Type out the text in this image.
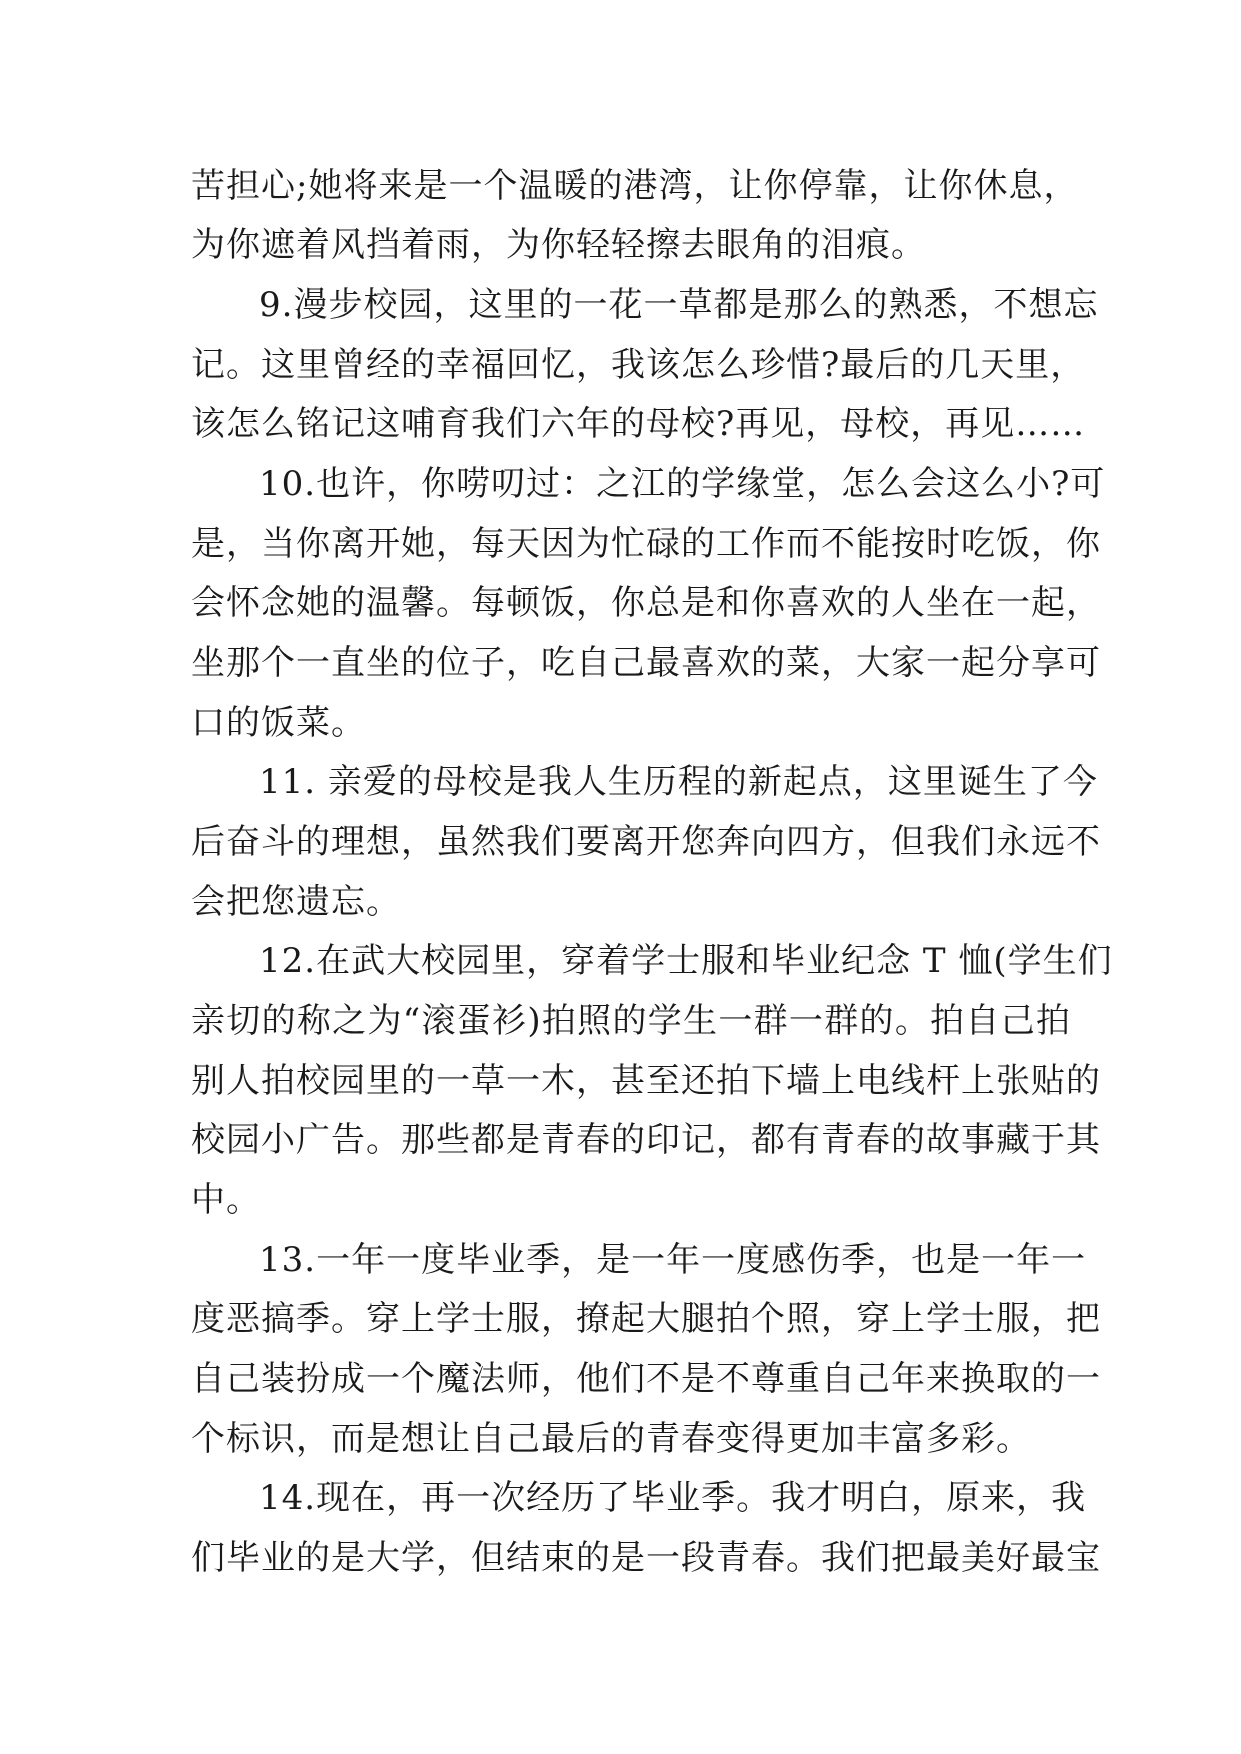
苦担心;她将来是一个温暖的港湾，让你停靠，让你休息，

为你遮着风挡着雨，为你轻轻擦去眼角的泪痕。

9.漫步校园，这里的一花一草都是那么的熟悉，不想忘

记。这里曾经的幸福回忆，我该怎么珍惜?最后的几天里，

该怎么铭记这哺育我们六年的母校?再见，母校，再见……

10.也许，你唠叨过：之江的学缘堂，怎么会这么小?可

是，当你离开她，每天因为忙碌的工作而不能按时吃饭，你

会怀念她的温馨。每顿饭，你总是和你喜欢的人坐在一起，

坐那个一直坐的位子，吃自己最喜欢的菜，大家一起分享可

口的饭菜。

11. 亲爱的母校是我人生历程的新起点，这里诞生了今

后奋斗的理想，虽然我们要离开您奔向四方，但我们永远不

会把您遗忘。

12.在武大校园里，穿着学士服和毕业纪念 T 恤(学生们

亲切的称之为“滚蛋衫)拍照的学生一群一群的。拍自己拍

别人拍校园里的一草一木，甚至还拍下墙上电线杆上张贴的

校园小广告。那些都是青春的印记，都有青春的故事藏于其

中。

13.一年一度毕业季，是一年一度感伤季，也是一年一

度恶搞季。穿上学士服，撩起大腿拍个照，穿上学士服，把

自己装扮成一个魔法师，他们不是不尊重自己年来换取的一

个标识，而是想让自己最后的青春变得更加丰富多彩。

14.现在，再一次经历了毕业季。我才明白，原来，我

们毕业的是大学，但结束的是一段青春。我们把最美好最宝
